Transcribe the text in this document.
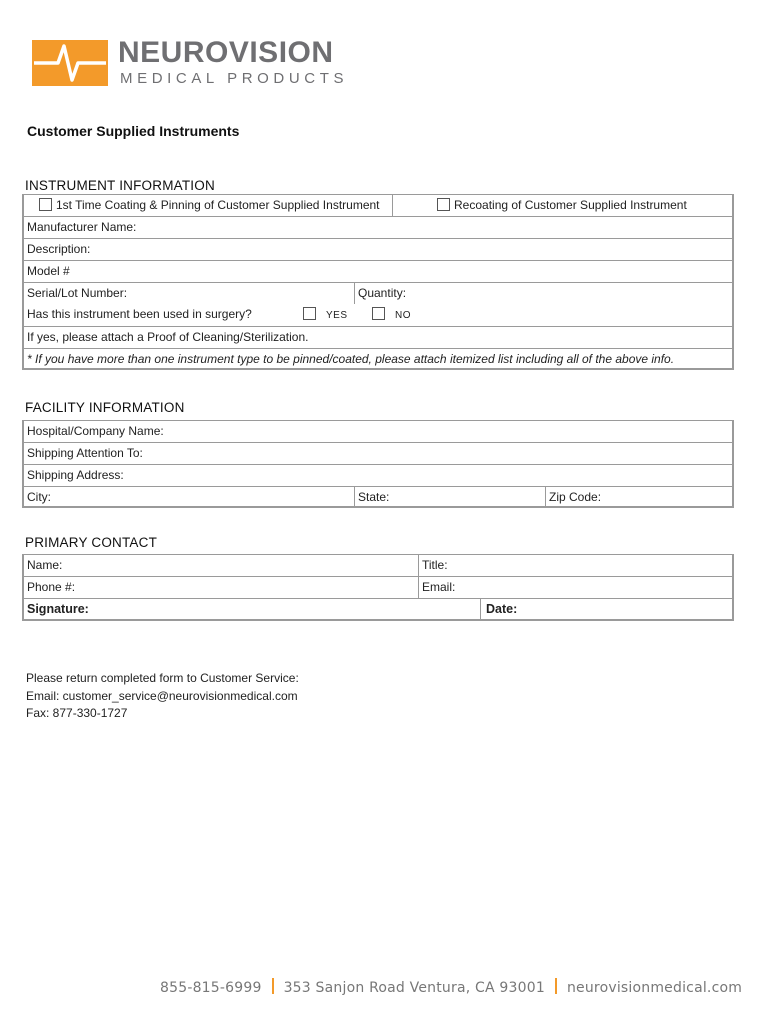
NEUROVISION
MEDICAL PRODUCTS
Customer Supplied Instruments
INSTRUMENT INFORMATION
1st Time Coating & Pinning of Customer Supplied Instrument	Recoating of Customer Supplied Instrument
Manufacturer Name:
Description:
Model #
Serial/Lot Number:	Quantity:
Has this instrument been used in surgery?	YES	NO
If yes, please attach a Proof of Cleaning/Sterilization.
* If you have more than one instrument type to be pinned/coated, please attach itemized list including all of the above info.
FACILITY INFORMATION
Hospital/Company Name:
Shipping Attention To:
Shipping Address:
City:	State:	Zip Code:
PRIMARY CONTACT
Name:	Title:
Phone #:	Email:
Signature:	Date:
Please return completed form to Customer Service:
Email: customer_service@neurovisionmedical.com
Fax: 877-330-1727
855-815-6999 353 Sanjon Road Ventura, CA 93001 neurovisionmedical.com
